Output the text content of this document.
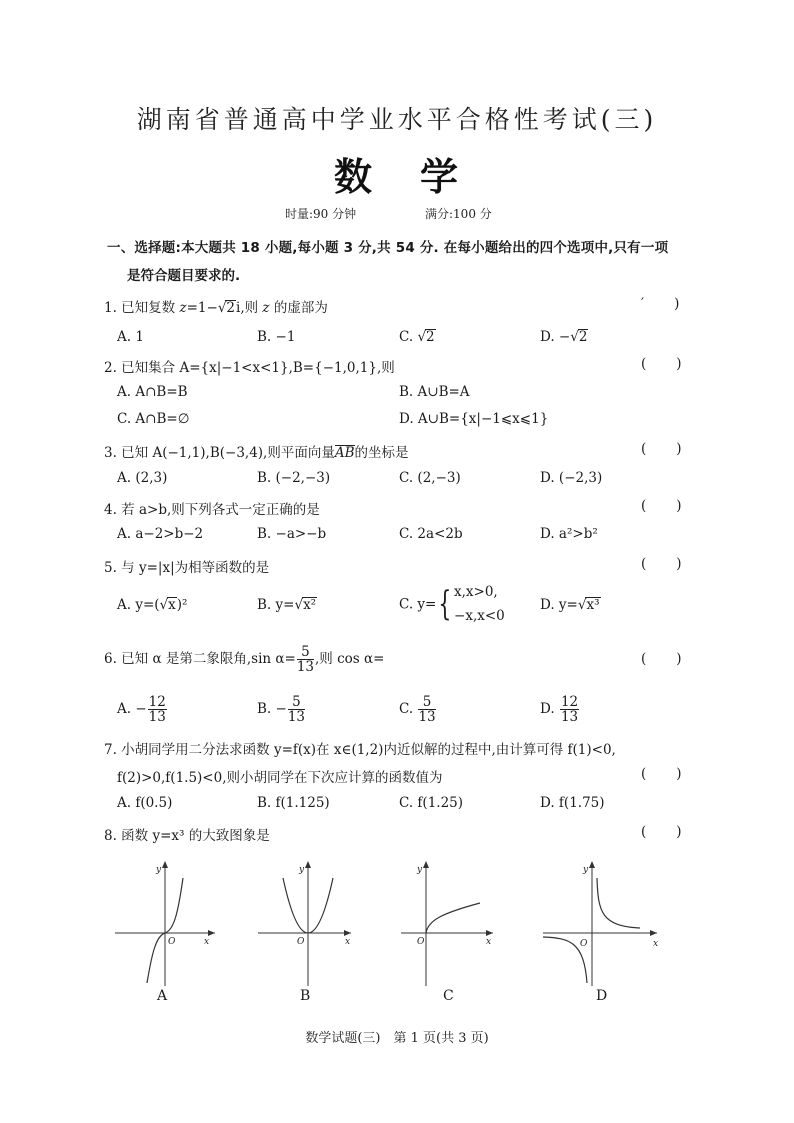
湖南省普通高中学业水平合格性考试(三)
数 学
时量:90 分钟	满分:100 分
一、选择题:本大题共 18 小题,每小题 3 分,共 54 分. 在每小题给出的四个选项中,只有一项
是符合题目要求的.
1. 已知复数 z=1−√2i,则 z 的虚部为	′ )
A. 1	B. −1	C. √2	D. −√2
2. 已知集合 A={x|−1<x<1},B={−1,0,1},则	( )
A. A∩B=B	B. A∪B=A
C. A∩B=∅	D. A∪B={x|−1⩽x⩽1}
3. 已知 A(−1,1),B(−3,4),则平面向量AB的坐标是	( )
A. (2,3)	B. (−2,−3)	C. (2,−3)	D. (−2,3)
4. 若 a>b,则下列各式一定正确的是	( )
A. a−2>b−2	B. −a>−b	C. 2a<2b	D. a²>b²
5. 与 y=|x|为相等函数的是	( )
A. y=(√x)²	B. y=√x²	C. y={ x,x>0,
−x,x<0
D. y=√x³
6. 已知 α 是第二象限角,sin $\alpha= \frac{5}{13}$ ,则 cos α=	( )
A. − $\frac{12}{13}$	B. − $\frac{5}{13}$	C. $\frac{5}{13}$	D. $\frac{12}{13}$
7. 小胡同学用二分法求函数 y=f(x)在 x∈(1,2)内近似解的过程中,由计算可得 f(1)<0,
f(2)>0,f(1.5)<0,则小胡同学在下次应计算的函数值为	( )
A. f(0.5)	B. f(1.125)	C. f(1.25)	D. f(1.75)
8. 函数 y=x³ 的大致图象是	( )
y
O	x
A
y
O	x
B
y
O	x
C
y
O	x
D
数学试题(三)　第 1 页(共 3 页)
